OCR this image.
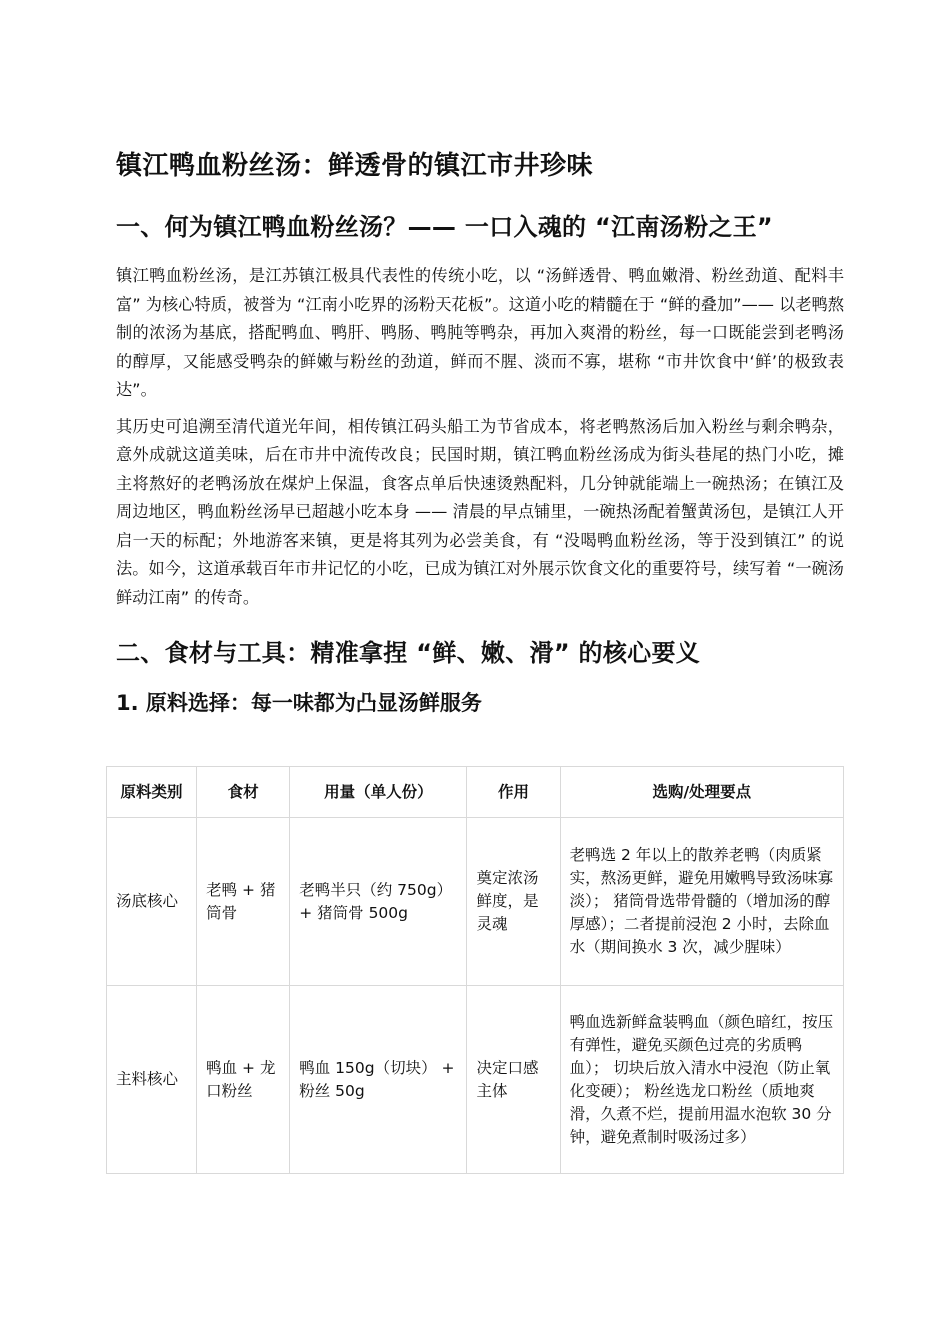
镇江鸭血粉丝汤：鲜透骨的镇江市井珍味
一、何为镇江鸭血粉丝汤？—— 一口入魂的 “江南汤粉之王”

镇江鸭血粉丝汤，是江苏镇江极具代表性的传统小吃，以 “汤鲜透骨、鸭血嫩滑、粉丝劲道、配料丰富” 为核心特质，被誉为 “江南小吃界的汤粉天花板”。这道小吃的精髓在于 “鲜的叠加”—— 以老鸭熬制的浓汤为基底，搭配鸭血、鸭肝、鸭肠、鸭肫等鸭杂，再加入爽滑的粉丝，每一口既能尝到老鸭汤的醇厚，又能感受鸭杂的鲜嫩与粉丝的劲道，鲜而不腥、淡而不寡，堪称 “市井饮食中‘鲜’的极致表达”。

其历史可追溯至清代道光年间，相传镇江码头船工为节省成本，将老鸭熬汤后加入粉丝与剩余鸭杂，意外成就这道美味，后在市井中流传改良；民国时期，镇江鸭血粉丝汤成为街头巷尾的热门小吃，摊主将熬好的老鸭汤放在煤炉上保温，食客点单后快速烫熟配料，几分钟就能端上一碗热汤；在镇江及周边地区，鸭血粉丝汤早已超越小吃本身 —— 清晨的早点铺里，一碗热汤配着蟹黄汤包，是镇江人开启一天的标配；外地游客来镇，更是将其列为必尝美食，有 “没喝鸭血粉丝汤，等于没到镇江” 的说法。如今，这道承载百年市井记忆的小吃，已成为镇江对外展示饮食文化的重要符号，续写着 “一碗汤鲜动江南” 的传奇。

二、食材与工具：精准拿捏 “鲜、嫩、滑” 的核心要义
1. 原料选择：每一味都为凸显汤鲜服务
原料类别	食材	用量（单人份）	作用	选购/处理要点
汤底核心	老鸭 + 猪筒骨	老鸭半只（约 750g） + 猪筒骨 500g	奠定浓汤鲜度，是灵魂	老鸭选 2 年以上的散养老鸭（肉质紧实，熬汤更鲜，避免用嫩鸭导致汤味寡淡）； 猪筒骨选带骨髓的（增加汤的醇厚感）；二者提前浸泡 2 小时，去除血水（期间换水 3 次，减少腥味）
主料核心	鸭血 + 龙口粉丝	鸭血 150g（切块） + 粉丝 50g	决定口感主体	鸭血选新鲜盒装鸭血（颜色暗红，按压有弹性，避免买颜色过亮的劣质鸭血）； 切块后放入清水中浸泡（防止氧化变硬）； 粉丝选龙口粉丝（质地爽滑，久煮不烂，提前用温水泡软 30 分钟，避免煮制时吸汤过多）
